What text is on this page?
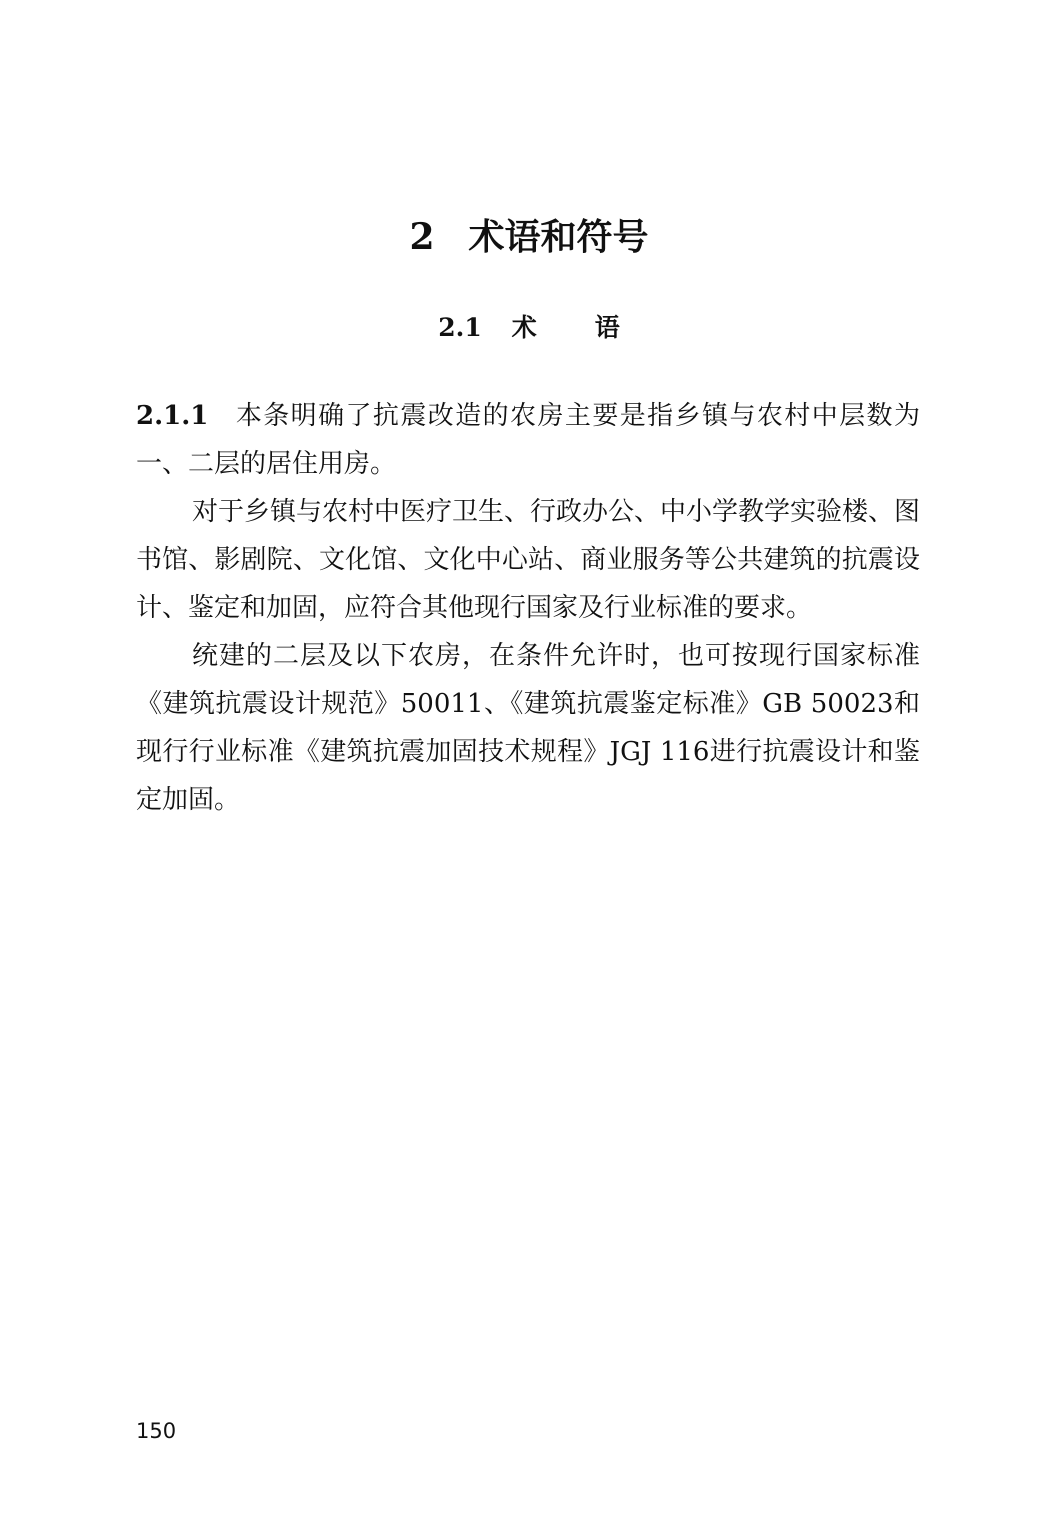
2 术语和符号
2.1 术 语

2.1.1 本条明确了抗震改造的农房主要是指乡镇与农村中层数为一、二层的居住用房。

对于乡镇与农村中医疗卫生、行政办公、中小学教学实验楼、图书馆、影剧院、文化馆、文化中心站、商业服务等公共建筑的抗震设计、鉴定和加固，应符合其他现行国家及行业标准的要求。

统建的二层及以下农房，在条件允许时，也可按现行国家标准《建筑抗震设计规范》50011、《建筑抗震鉴定标准》GB 50023和现行行业标准《建筑抗震加固技术规程》JGJ 116进行抗震设计和鉴定加固。

150
